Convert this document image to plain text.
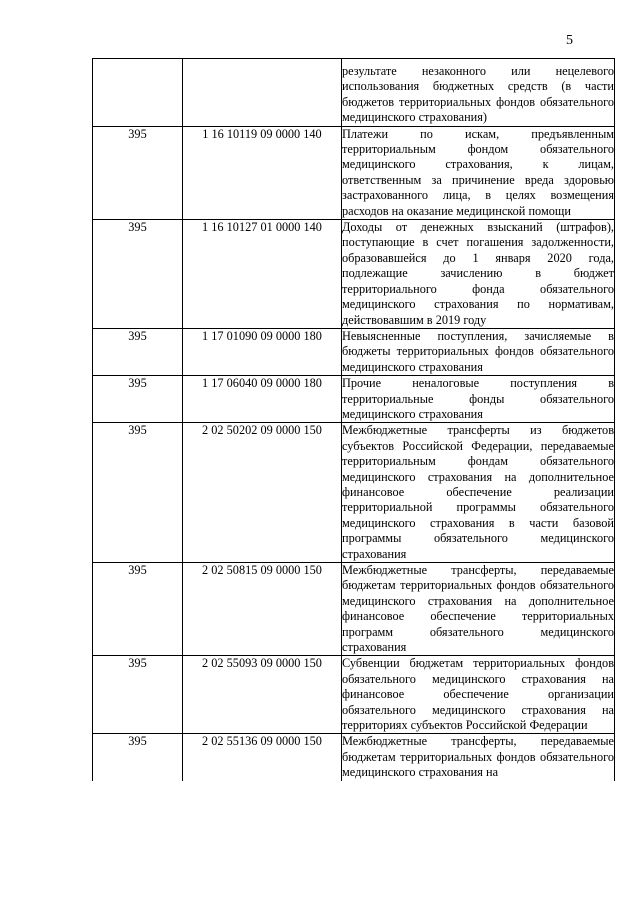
5
		результате незаконного или нецелевого использования бюджетных средств (в части бюджетов территориальных фондов обязательного медицинского страхования)
395	1 16 10119 09 0000 140	Платежи по искам, предъявленным территориальным фондом обязательного медицинского страхования, к лицам, ответственным за причинение вреда здоровью застрахованного лица, в целях возмещения расходов на оказание медицинской помощи
395	1 16 10127 01 0000 140	Доходы от денежных взысканий (штрафов), поступающие в счет погашения задолженности, образовавшейся до 1 января 2020 года, подлежащие зачислению в бюджет территориального фонда обязательного медицинского страхования по нормативам, действовавшим в 2019 году
395	1 17 01090 09 0000 180	Невыясненные поступления, зачисляемые в бюджеты территориальных фондов обязательного медицинского страхования
395	1 17 06040 09 0000 180	Прочие неналоговые поступления в территориальные фонды обязательного медицинского страхования
395	2 02 50202 09 0000 150	Межбюджетные трансферты из бюджетов субъектов Российской Федерации, передаваемые территориальным фондам обязательного медицинского страхования на дополнительное финансовое обеспечение реализации территориальной программы обязательного медицинского страхования в части базовой программы обязательного медицинского страхования
395	2 02 50815 09 0000 150	Межбюджетные трансферты, передаваемые бюджетам территориальных фондов обязательного медицинского страхования на дополнительное финансовое обеспечение территориальных программ обязательного медицинского страхования
395	2 02 55093 09 0000 150	Субвенции бюджетам территориальных фондов обязательного медицинского страхования на финансовое обеспечение организации обязательного медицинского страхования на территориях субъектов Российской Федерации
395	2 02 55136 09 0000 150	Межбюджетные трансферты, передаваемые бюджетам территориальных фондов обязательного медицинского страхования на
